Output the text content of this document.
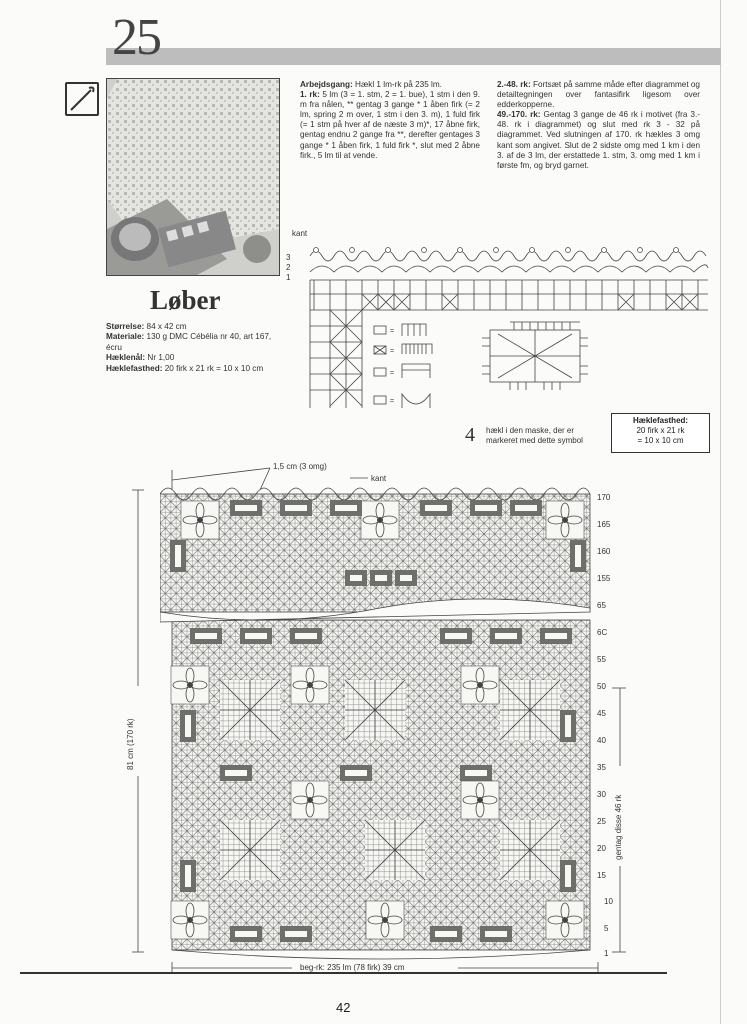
25
Løber
Størrelse: 84 x 42 cm
Materiale: 130 g DMC Cébélia nr 40, art 167, écru
Hæklenål: Nr 1,00
Hæklefasthed: 20 firk x 21 rk = 10 x 10 cm
Arbejdsgang: Hækl 1 lm-rk på 235 lm.
1. rk: 5 lm (3 = 1. stm, 2 = 1. bue), 1 stm i den 9. m fra nålen, ** gentag 3 gange * 1 åben firk (= 2 lm, spring 2 m over, 1 stm i den 3. m), 1 fuld firk (= 1 stm på hver af de næste 3 m)*, 17 åbne firk, gentag endnu 2 gange fra **, derefter gentages 3 gange * 1 åben firk, 1 fuld firk *, slut med 2 åbne firk., 5 lm til at vende.
2.-48. rk: Fortsæt på samme måde efter diagrammet og detailtegningen over fantasifirk ligesom over edderkopperne.
49.-170. rk: Gentag 3 gange de 46 rk i motivet (fra 3.- 48. rk i diagrammet) og slut med rk 3 - 32 på diagrammet. Ved slutningen af 170. rk hækles 3 omg kant som angivet. Slut de 2 sidste omg med 1 km i den 3. af de 3 lm, der erstattede 1. stm, 3. omg med 1 km i første fm, og bryd garnet.
kant
3
2
1
=
=
=
=
4 hækl i den maske, der er markeret med dette symbol
Hæklefasthed:
20 firk x 21 rk
= 10 x 10 cm
1,5 cm (3 omg)
kant
170
165
160
155
65
6C
55
50
45
40
35
30
25
20
15
10
5
1
81 cm (170 rk)
gentag disse 46 rk
beg-rk: 235 lm (78 firk) 39 cm
42
